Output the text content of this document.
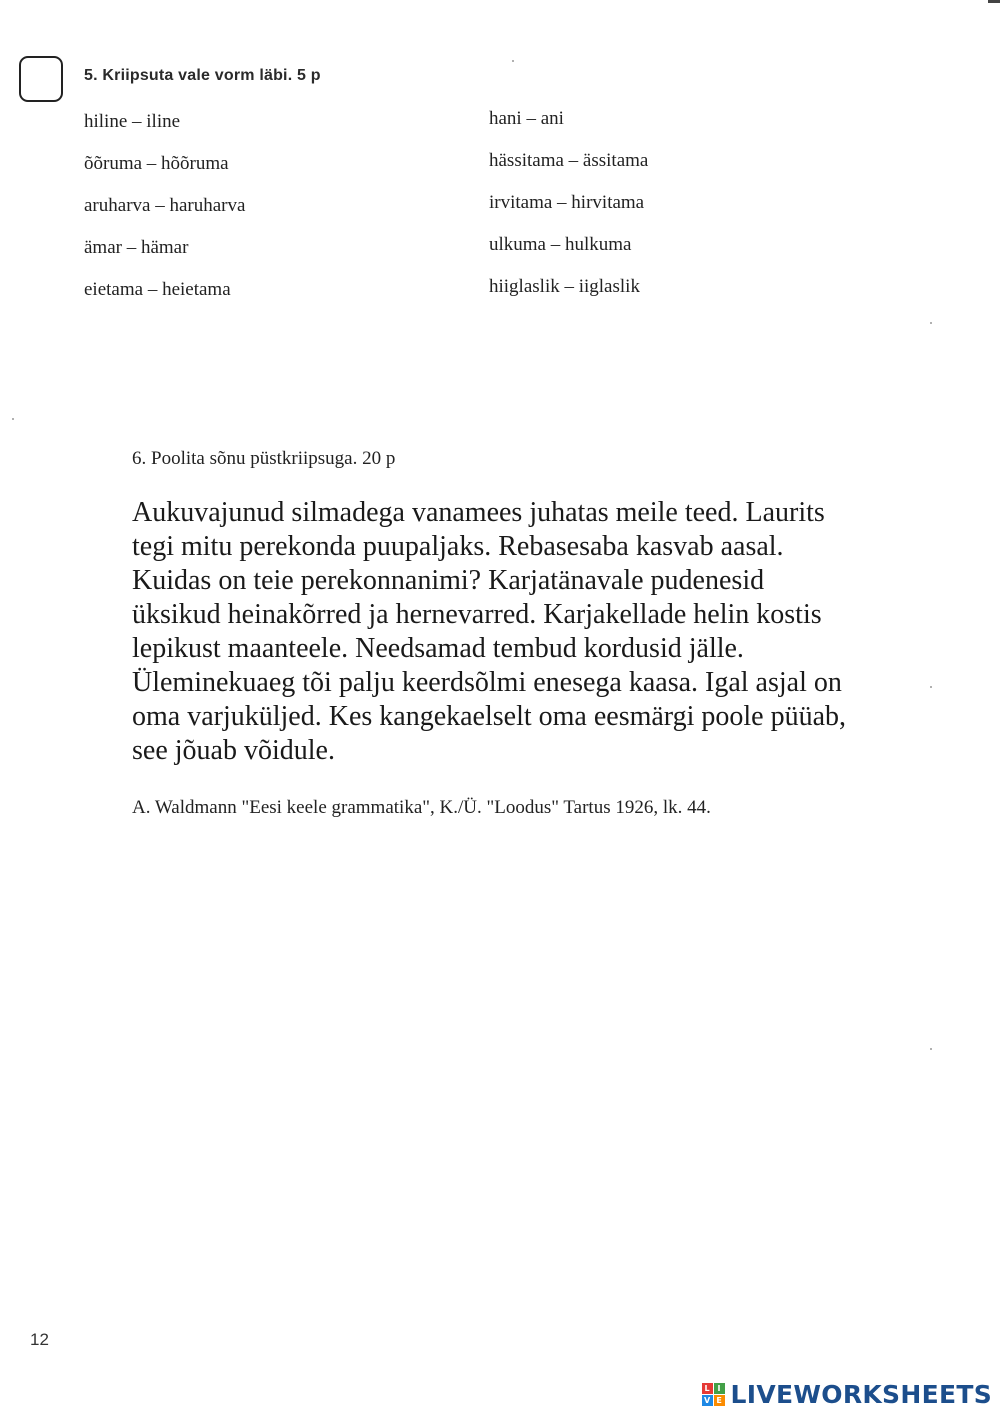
5. Kriipsuta vale vorm läbi. 5 p
hiline – iline
õõruma – hõõruma
aruharva – haruharva
ämar – hämar
eietama – heietama
hani – ani
hässitama – ässitama
irvitama – hirvitama
ulkuma – hulkuma
hiiglaslik – iiglaslik
6. Poolita sõnu püstkriipsuga. 20 p

Aukuvajunud silmadega vanamees juhatas meile teed. Laurits
tegi mitu perekonda puupaljaks. Rebasesaba kasvab aasal.
Kuidas on teie perekonnanimi? Karjatänavale pudenesid
üksikud heinakõrred ja hernevarred. Karjakellade helin kostis
lepikust maanteele. Needsamad tembud kordusid jälle.
Üleminekuaeg tõi palju keerdsõlmi enesega kaasa. Igal asjal on
oma varjuküljed. Kes kangekaelselt oma eesmärgi poole püüab,
see jõuab võidule.

A. Waldmann "Eesi keele grammatika", K./Ü. "Loodus" Tartus 1926, lk. 44.
12
L I
V E LIVEWORKSHEETS
